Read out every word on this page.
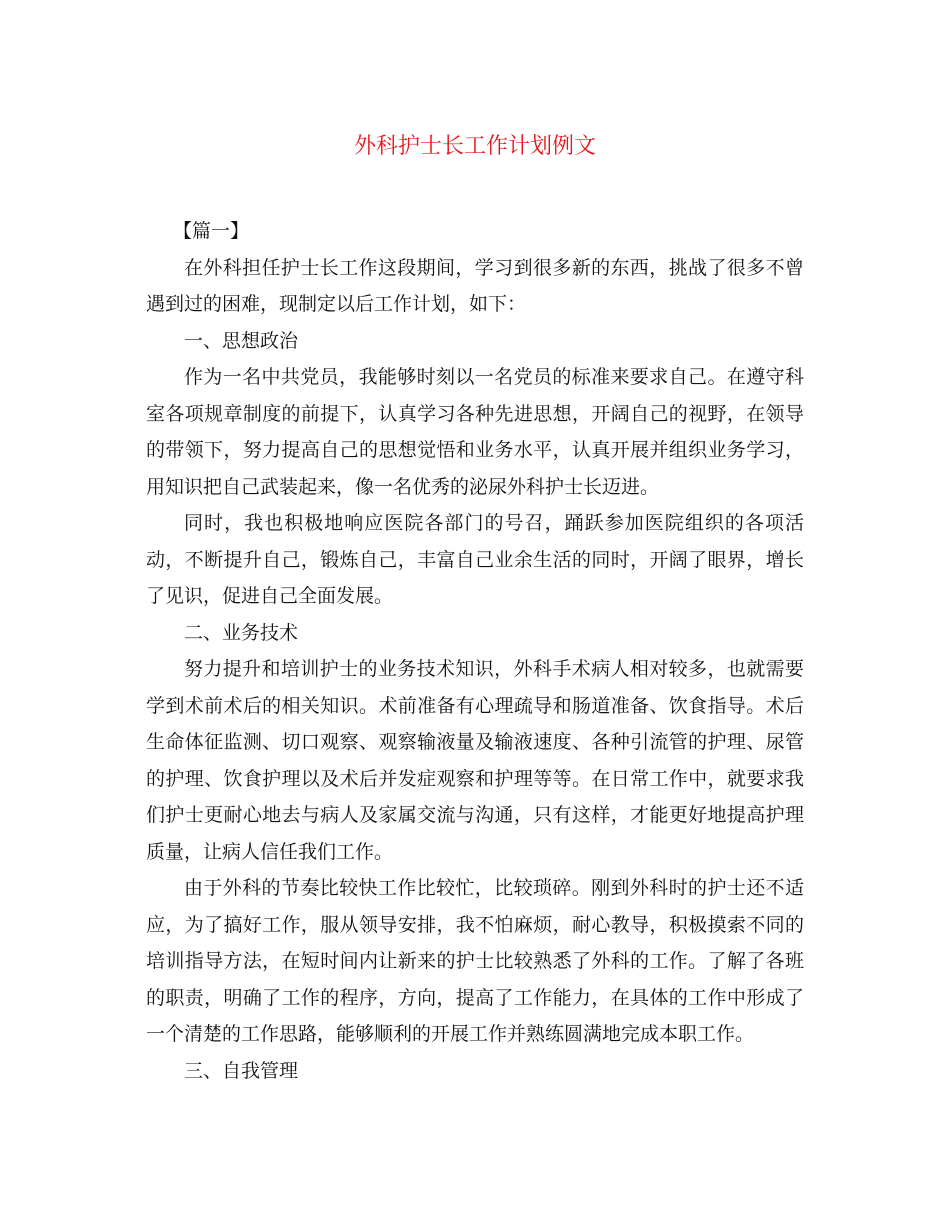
外科护士长工作计划例文

【篇一】

在外科担任护士长工作这段期间，学习到很多新的东西，挑战了很多不曾遇到过的困难，现制定以后工作计划，如下：

一、思想政治

作为一名中共党员，我能够时刻以一名党员的标准来要求自己。在遵守科室各项规章制度的前提下，认真学习各种先进思想，开阔自己的视野，在领导的带领下，努力提高自己的思想觉悟和业务水平，认真开展并组织业务学习，用知识把自己武装起来，像一名优秀的泌尿外科护士长迈进。

同时，我也积极地响应医院各部门的号召，踊跃参加医院组织的各项活动，不断提升自己，锻炼自己，丰富自己业余生活的同时，开阔了眼界，增长了见识，促进自己全面发展。

二、业务技术

努力提升和培训护士的业务技术知识，外科手术病人相对较多，也就需要学到术前术后的相关知识。术前准备有心理疏导和肠道准备、饮食指导。术后生命体征监测、切口观察、观察输液量及输液速度、各种引流管的护理、尿管的护理、饮食护理以及术后并发症观察和护理等等。在日常工作中，就要求我们护士更耐心地去与病人及家属交流与沟通，只有这样，才能更好地提高护理质量，让病人信任我们工作。

由于外科的节奏比较快工作比较忙，比较琐碎。刚到外科时的护士还不适应，为了搞好工作，服从领导安排，我不怕麻烦，耐心教导，积极摸索不同的培训指导方法，在短时间内让新来的护士比较熟悉了外科的工作。了解了各班的职责，明确了工作的程序，方向，提高了工作能力，在具体的工作中形成了一个清楚的工作思路，能够顺利的开展工作并熟练圆满地完成本职工作。

三、自我管理
